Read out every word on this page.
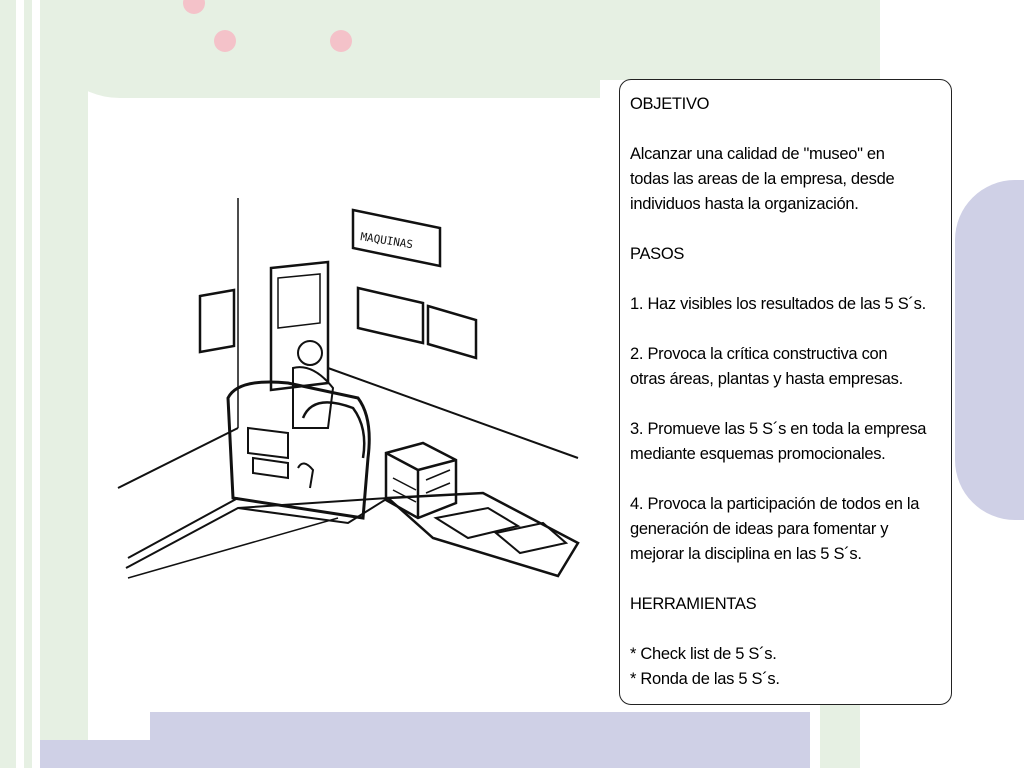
MAQUINAS

OBJETIVO

Alcanzar una calidad de "museo" en

todas las areas de la empresa, desde

individuos hasta la organización.

PASOS

1. Haz visibles los resultados de las 5 S´s.

2. Provoca la crítica constructiva con

otras áreas, plantas y hasta empresas.

3. Promueve las 5 S´s en toda la empresa

mediante esquemas promocionales.

4. Provoca la participación de todos en la

generación de ideas para fomentar y

mejorar la disciplina en las 5 S´s.

HERRAMIENTAS

* Check list de 5 S´s.

* Ronda de las 5 S´s.
